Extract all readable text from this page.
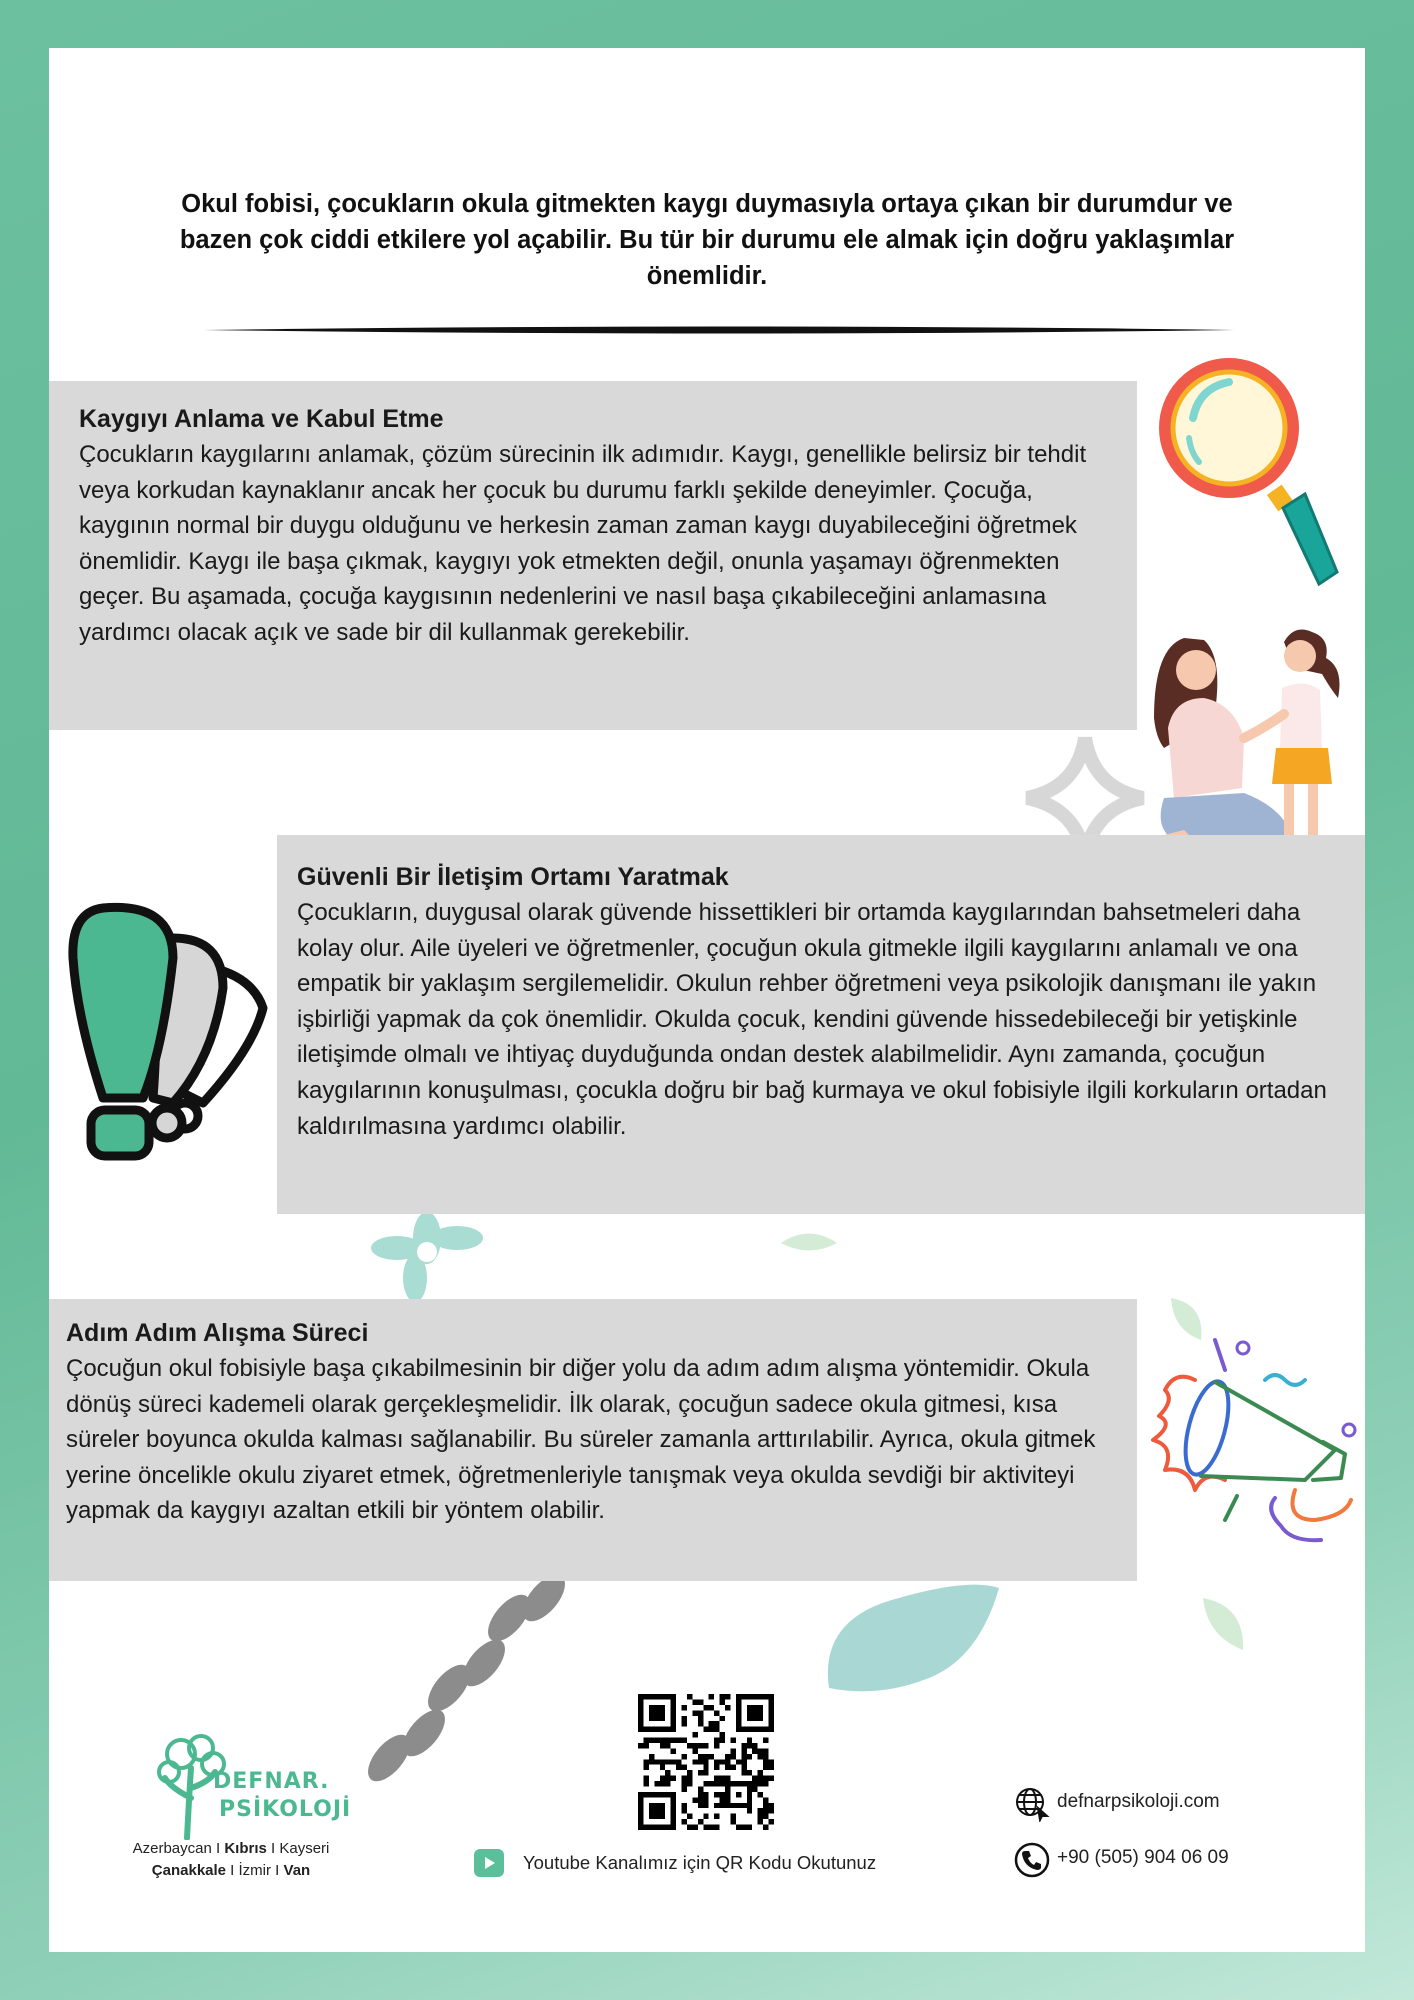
Okul fobisi, çocukların okula gitmekten kaygı duymasıyla ortaya çıkan bir durumdur ve bazen çok ciddi etkilere yol açabilir. Bu tür bir durumu ele almak için doğru yaklaşımlar önemlidir.
Kaygıyı Anlama ve Kabul Etme

Çocukların kaygılarını anlamak, çözüm sürecinin ilk adımıdır. Kaygı, genellikle belirsiz bir tehdit veya korkudan kaynaklanır ancak her çocuk bu durumu farklı şekilde deneyimler. Çocuğa, kaygının normal bir duygu olduğunu ve herkesin zaman zaman kaygı duyabileceğini öğretmek önemlidir. Kaygı ile başa çıkmak, kaygıyı yok etmekten değil, onunla yaşamayı öğrenmekten geçer. Bu aşamada, çocuğa kaygısının nedenlerini ve nasıl başa çıkabileceğini anlamasına yardımcı olacak açık ve sade bir dil kullanmak gerekebilir.

Güvenli Bir İletişim Ortamı Yaratmak

Çocukların, duygusal olarak güvende hissettikleri bir ortamda kaygılarından bahsetmeleri daha kolay olur. Aile üyeleri ve öğretmenler, çocuğun okula gitmekle ilgili kaygılarını anlamalı ve ona empatik bir yaklaşım sergilemelidir. Okulun rehber öğretmeni veya psikolojik danışmanı ile yakın işbirliği yapmak da çok önemlidir. Okulda çocuk, kendini güvende hissedebileceği bir yetişkinle iletişimde olmalı ve ihtiyaç duyduğunda ondan destek alabilmelidir. Aynı zamanda, çocuğun kaygılarının konuşulması, çocukla doğru bir bağ kurmaya ve okul fobisiyle ilgili korkuların ortadan kaldırılmasına yardımcı olabilir.

Adım Adım Alışma Süreci

Çocuğun okul fobisiyle başa çıkabilmesinin bir diğer yolu da adım adım alışma yöntemidir. Okula dönüş süreci kademeli olarak gerçekleşmelidir. İlk olarak, çocuğun sadece okula gitmesi, kısa süreler boyunca okulda kalması sağlanabilir. Bu süreler zamanla arttırılabilir. Ayrıca, okula gitmek yerine öncelikle okulu ziyaret etmek, öğretmenleriyle tanışmak veya okulda sevdiği bir aktiviteyi yapmak da kaygıyı azaltan etkili bir yöntem olabilir.

DEFNAR.
PSİKOLOJİ
Azerbaycan I Kıbrıs I Kayseri
Çanakkale I İzmir I Van	Youtube Kanalımız için QR Kodu Okutunuz
defnarpsikoloji.com
+90 (505) 904 06 09
